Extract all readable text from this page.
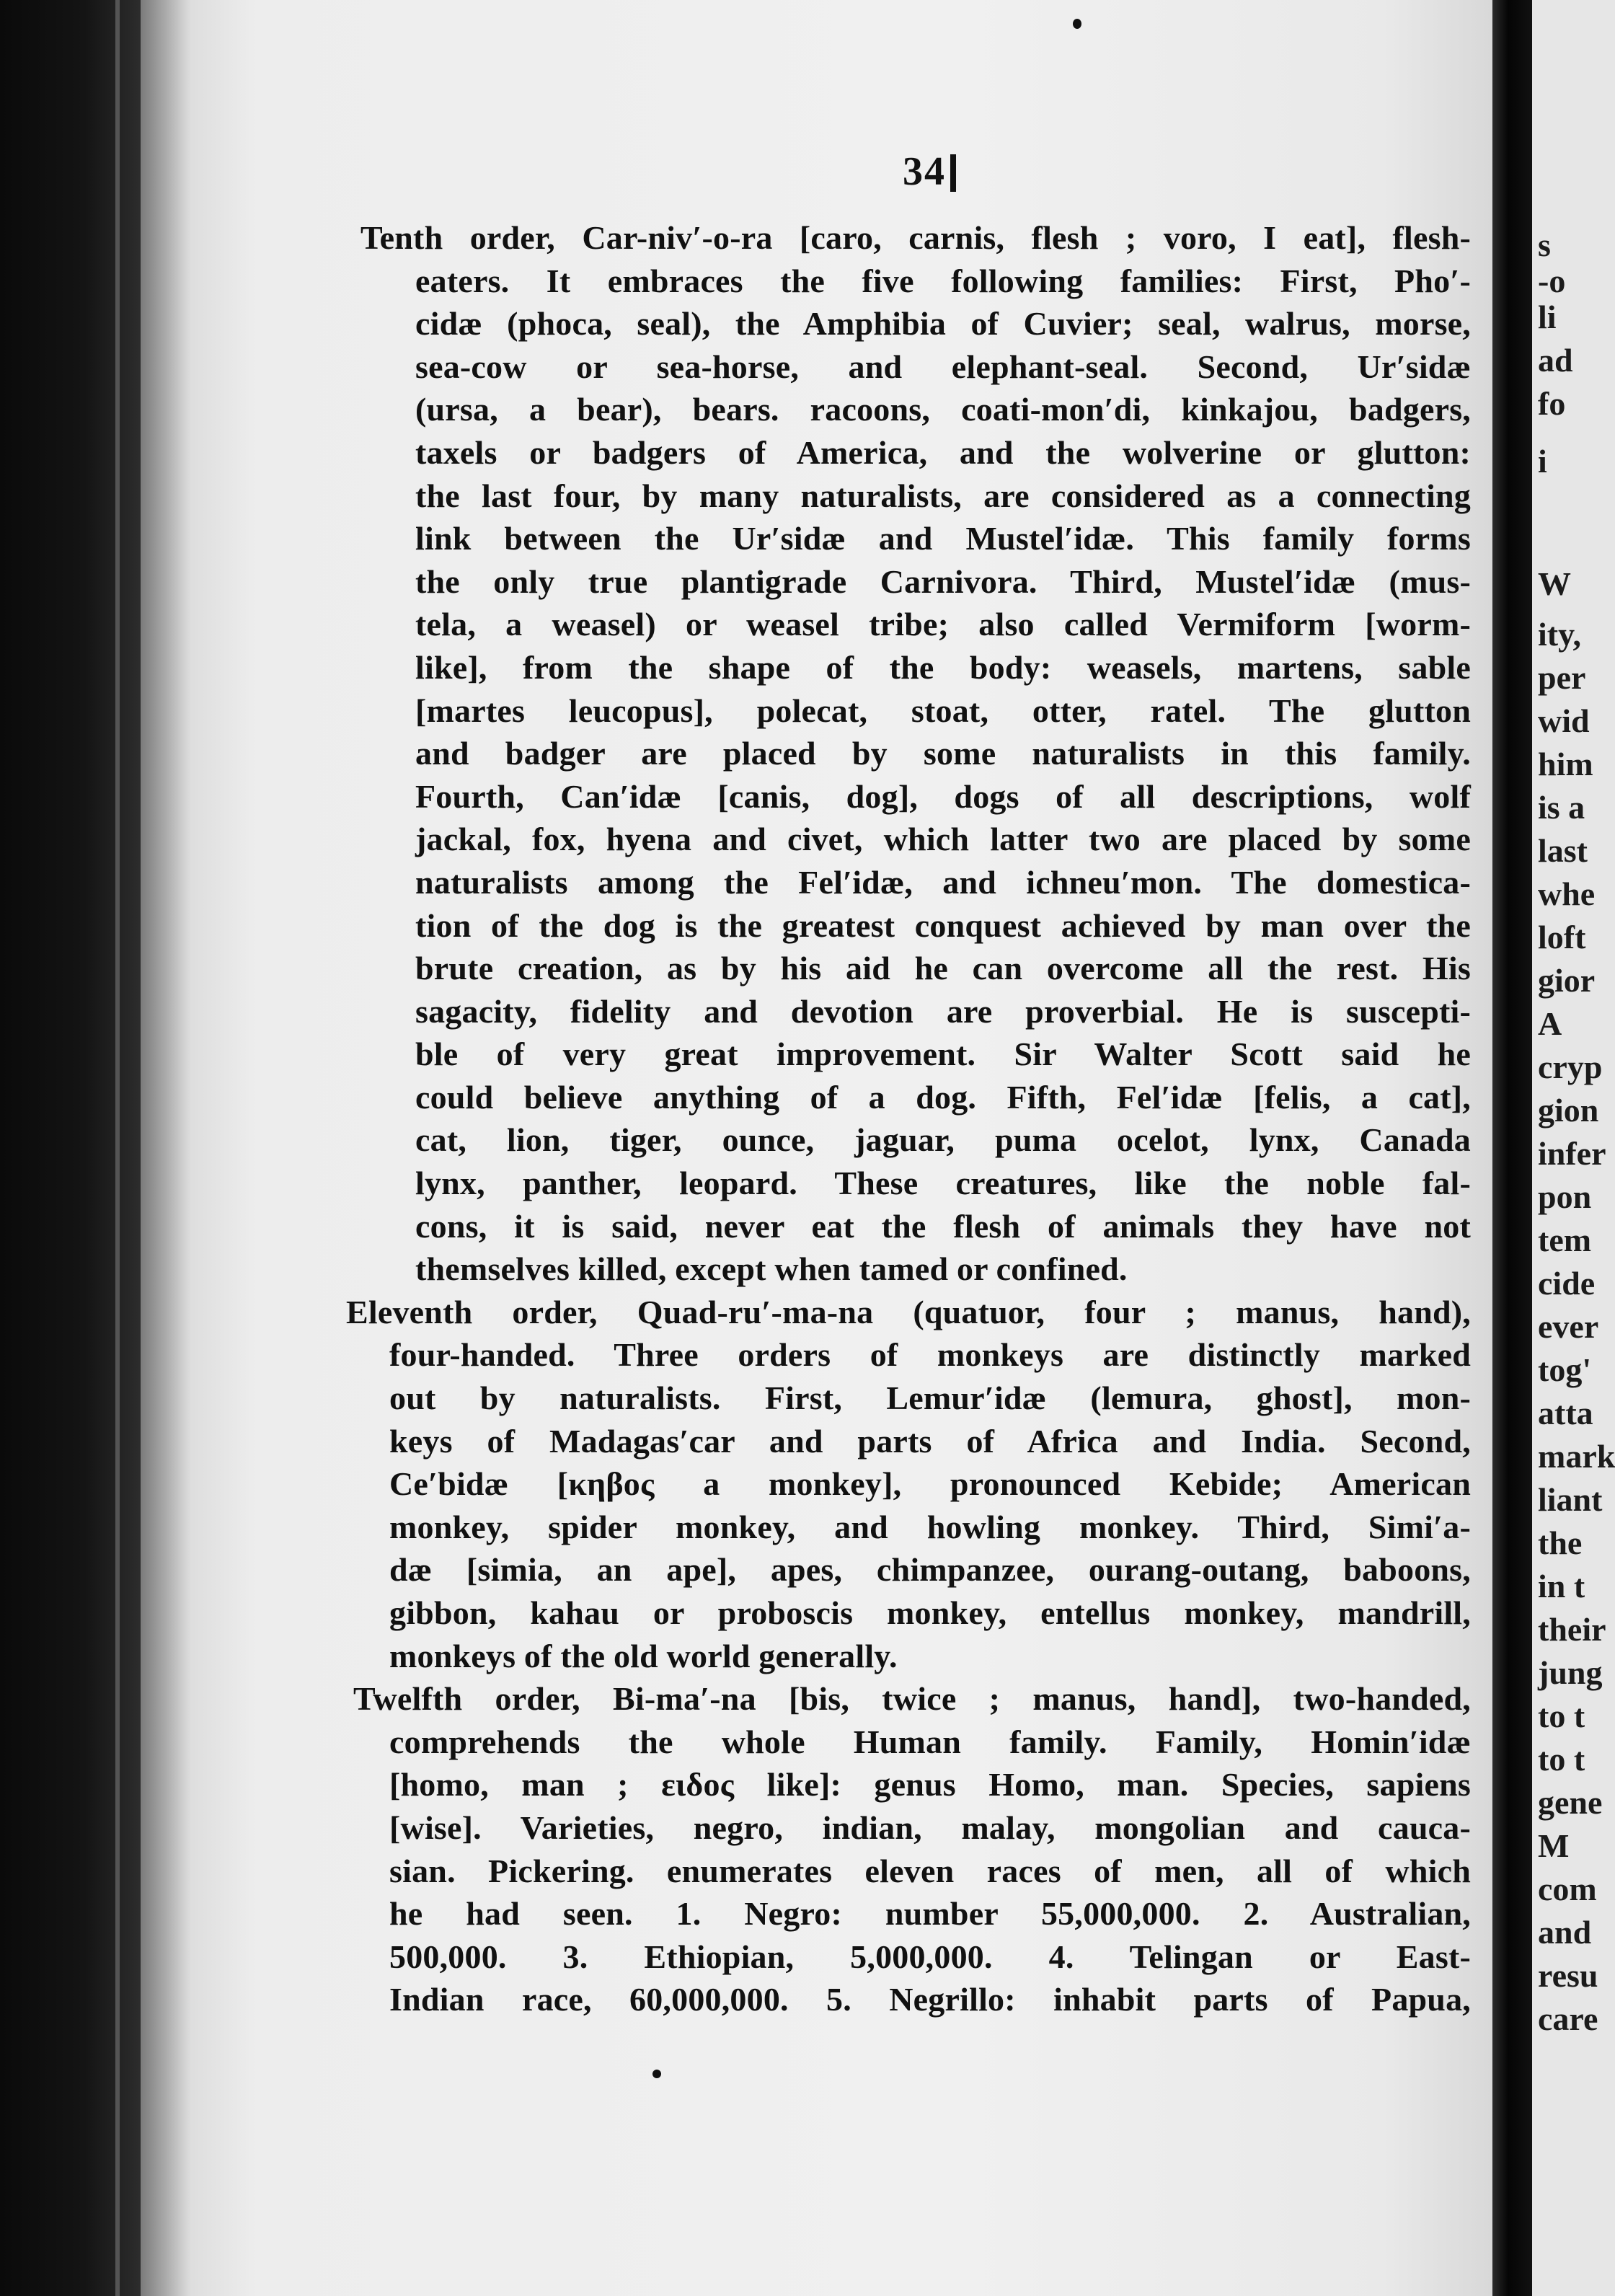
s
-o
li
ad
fo
i
W
ity,
per
wid
him
is a
last
whe
loft
gior
A
cryp
gion
infer
pon
tem
cide
ever
tog'
atta
mark
liant
the
in t
their
jung
to t
to t
gene
M
com
and
resu
care
34

Tenth order, Car-niv′-o-ra [caro, carnis, flesh ; voro, I eat], flesh-
eaters. It embraces the five following families: First, Pho′-
cidæ (phoca, seal), the Amphibia of Cuvier; seal, walrus, morse,
sea-cow or sea-horse, and elephant-seal. Second, Ur′sidæ
(ursa, a bear), bears. racoons, coati-mon′di, kinkajou, badgers,
taxels or badgers of America, and the wolverine or glutton:
the last four, by many naturalists, are considered as a connecting
link between the Ur′sidæ and Mustel′idæ. This family forms
the only true plantigrade Carnivora. Third, Mustel′idæ (mus-
tela, a weasel) or weasel tribe; also called Vermiform [worm-
like], from the shape of the body: weasels, martens, sable
[martes leucopus], polecat, stoat, otter, ratel. The glutton
and badger are placed by some naturalists in this family.
Fourth, Can′idæ [canis, dog], dogs of all descriptions, wolf
jackal, fox, hyena and civet, which latter two are placed by some
naturalists among the Fel′idæ, and ichneu′mon. The domestica-
tion of the dog is the greatest conquest achieved by man over the
brute creation, as by his aid he can overcome all the rest. His
sagacity, fidelity and devotion are proverbial. He is suscepti-
ble of very great improvement. Sir Walter Scott said he
could believe anything of a dog. Fifth, Fel′idæ [felis, a cat],
cat, lion, tiger, ounce, jaguar, puma ocelot, lynx, Canada
lynx, panther, leopard. These creatures, like the noble fal-
cons, it is said, never eat the flesh of animals they have not
themselves killed, except when tamed or confined.

Eleventh order, Quad-ru′-ma-na (quatuor, four ; manus, hand),
four-handed. Three orders of monkeys are distinctly marked
out by naturalists. First, Lemur′idæ (lemura, ghost], mon-
keys of Madagas′car and parts of Africa and India. Second,
Ce′bidæ [κηβος a monkey], pronounced Kebide; American
monkey, spider monkey, and howling monkey. Third, Simi′a-
dæ [simia, an ape], apes, chimpanzee, ourang-outang, baboons,
gibbon, kahau or proboscis monkey, entellus monkey, mandrill,
monkeys of the old world generally.

Twelfth order, Bi-ma′-na [bis, twice ; manus, hand], two-handed,
comprehends the whole Human family. Family, Homin′idæ
[homo, man ; ειδος like]: genus Homo, man. Species, sapiens
[wise]. Varieties, negro, indian, malay, mongolian and cauca-
sian. Pickering. enumerates eleven races of men, all of which
he had seen. 1. Negro: number 55,000,000. 2. Australian,
500,000. 3. Ethiopian, 5,000,000. 4. Telingan or East-
Indian race, 60,000,000. 5. Negrillo: inhabit parts of Papua,
